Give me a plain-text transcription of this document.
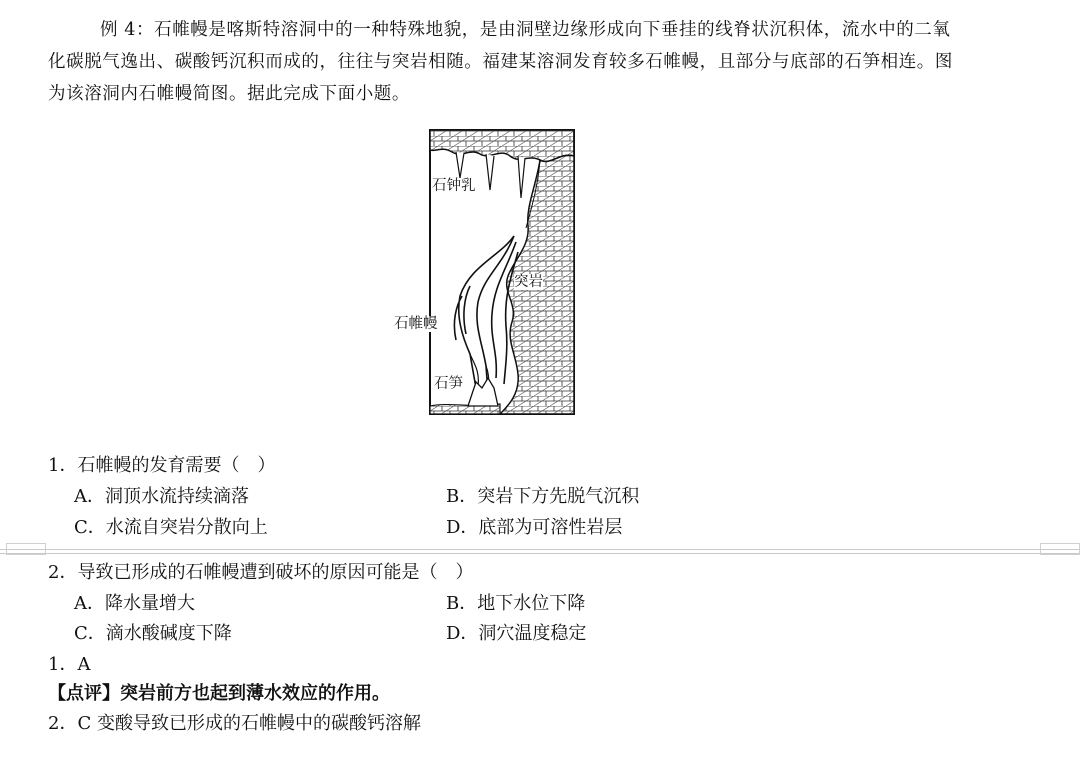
例 4：石帷幔是喀斯特溶洞中的一种特殊地貌，是由洞壁边缘形成向下垂挂的线脊状沉积体，流水中的二氧
化碳脱气逸出、碳酸钙沉积而成的，往往与突岩相随。福建某溶洞发育较多石帷幔，且部分与底部的石笋相连。图
为该溶洞内石帷幔简图。据此完成下面小题。
石钟乳
突岩
石帷幔
石笋
1．石帷幔的发育需要（　）
A．洞顶水流持续滴落	B．突岩下方先脱气沉积
C．水流自突岩分散向上	D．底部为可溶性岩层
2．导致已形成的石帷幔遭到破坏的原因可能是（　）
A．降水量增大	B．地下水位下降
C．滴水酸碱度下降	D．洞穴温度稳定
1．A
【点评】突岩前方也起到薄水效应的作用。
2．C 变酸导致已形成的石帷幔中的碳酸钙溶解
